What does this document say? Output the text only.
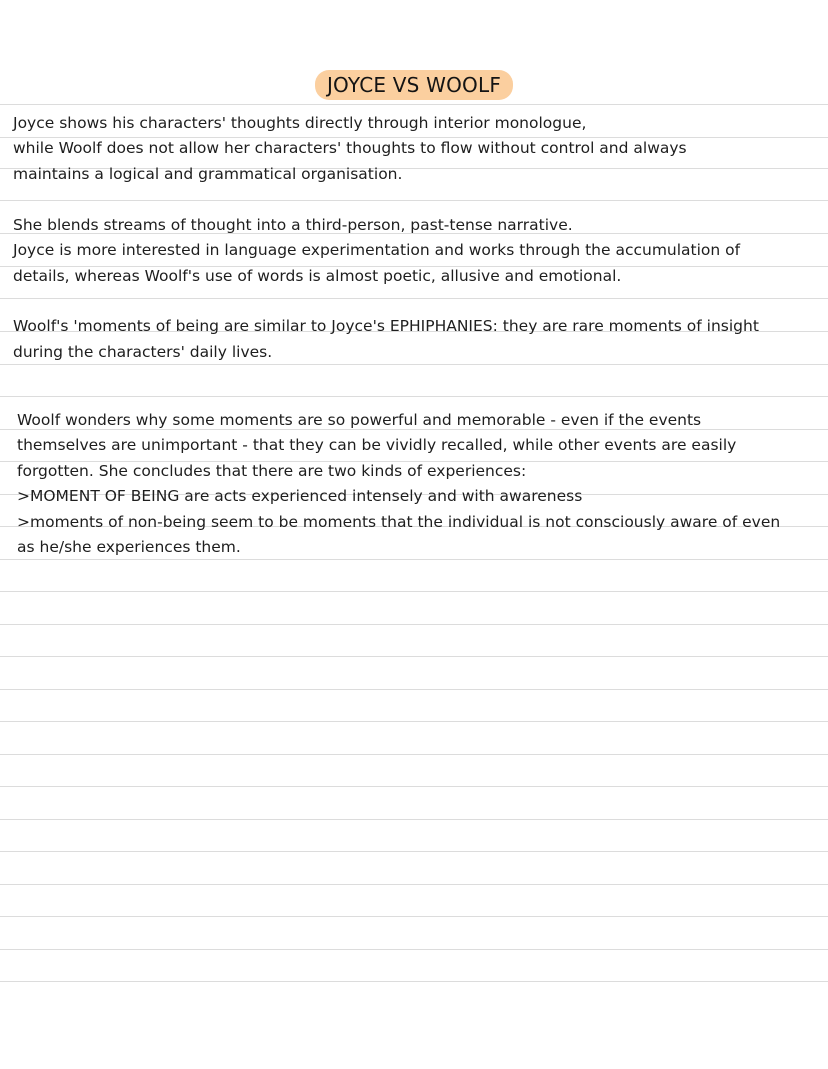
JOYCE VS WOOLF
Joyce shows his characters' thoughts directly through interior monologue,
while Woolf does not allow her characters' thoughts to flow without control and always
maintains a logical and grammatical organisation.
She blends streams of thought into a third-person, past-tense narrative.
Joyce is more interested in language experimentation and works through the accumulation of
details, whereas Woolf's use of words is almost poetic, allusive and emotional.
Woolf's 'moments of being are similar to Joyce's EPHIPHANIES: they are rare moments of insight
during the characters' daily lives.
Woolf wonders why some moments are so powerful and memorable - even if the events
themselves are unimportant - that they can be vividly recalled, while other events are easily
forgotten. She concludes that there are two kinds of experiences:
>MOMENT OF BEING are acts experienced intensely and with awareness
>moments of non-being seem to be moments that the individual is not consciously aware of even
as he/she experiences them.
